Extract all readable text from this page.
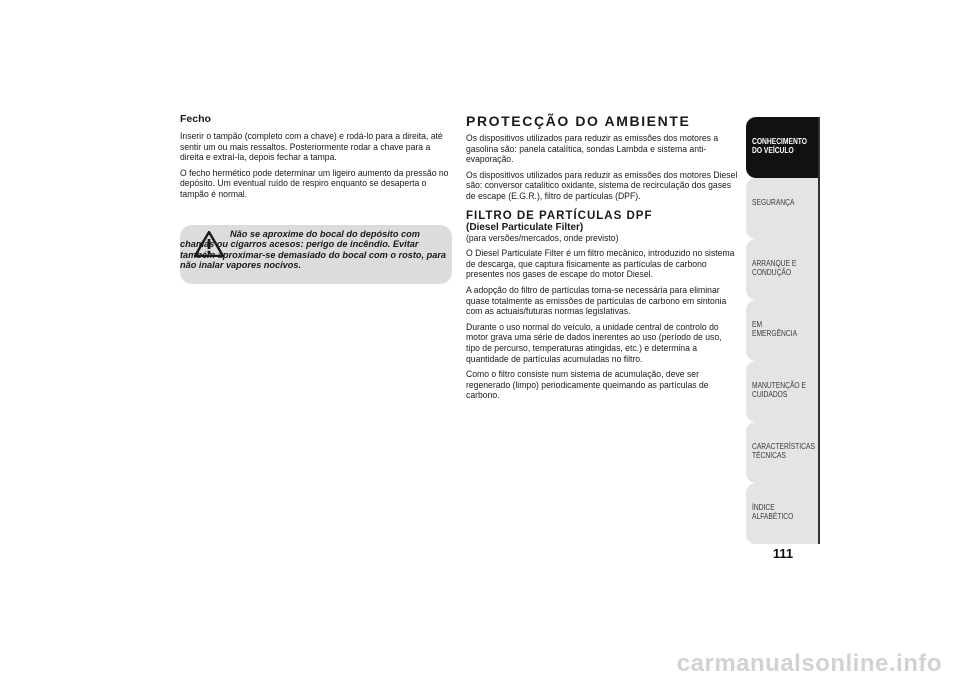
Fecho

Inserir o tampão (completo com a chave) e rodá-lo para a direita, até sentir um ou mais ressaltos. Posteriormente rodar a chave para a direita e extraí-la, depois fechar a tampa.

O fecho hermético pode determinar um ligeiro aumento da pressão no depósito. Um eventual ruído de respiro enquanto se desaperta o tampão é normal.

Não se aproxime do bocal do depósito com chamas ou cigarros acesos: perigo de incêndio. Evitar também aproximar-se demasiado do bocal com o rosto, para não inalar vapores nocivos.

PROTECÇÃO DO AMBIENTE

Os dispositivos utilizados para reduzir as emissões dos motores a gasolina são: panela catalítica, sondas Lambda e sistema anti-evaporação.

Os dispositivos utilizados para reduzir as emissões dos motores Diesel são: conversor catalítico oxidante, sistema de recirculação dos gases de escape (E.G.R.), filtro de partículas (DPF).

FILTRO DE PARTÍCULAS DPF

(Diesel Particulate Filter)

(para versões/mercados, onde previsto)

O Diesel Particulate Filter é um filtro mecânico, introduzido no sistema de descarga, que captura fisicamente as partículas de carbono presentes nos gases de escape do motor Diesel.

A adopção do filtro de partículas torna-se necessária para eliminar quase totalmente as emissões de partículas de carbono em sintonia com as actuais/futuras normas legislativas.

Durante o uso normal do veículo, a unidade central de controlo do motor grava uma série de dados inerentes ao uso (período de uso, tipo de percurso, temperaturas atingidas, etc.) e determina a quantidade de partículas acumuladas no filtro.

Como o filtro consiste num sistema de acumulação, deve ser regenerado (limpo) periodicamente queimando as partículas de carbono.

CONHECIMENTO DO VEÍCULO
SEGURANÇA
ARRANQUE E CONDUÇÃO
EM EMERGÊNCIA
MANUTENÇÃO E CUIDADOS
CARACTERÍSTICAS TÉCNICAS
ÍNDICE ALFABÉTICO
111
carmanualsonline.info
